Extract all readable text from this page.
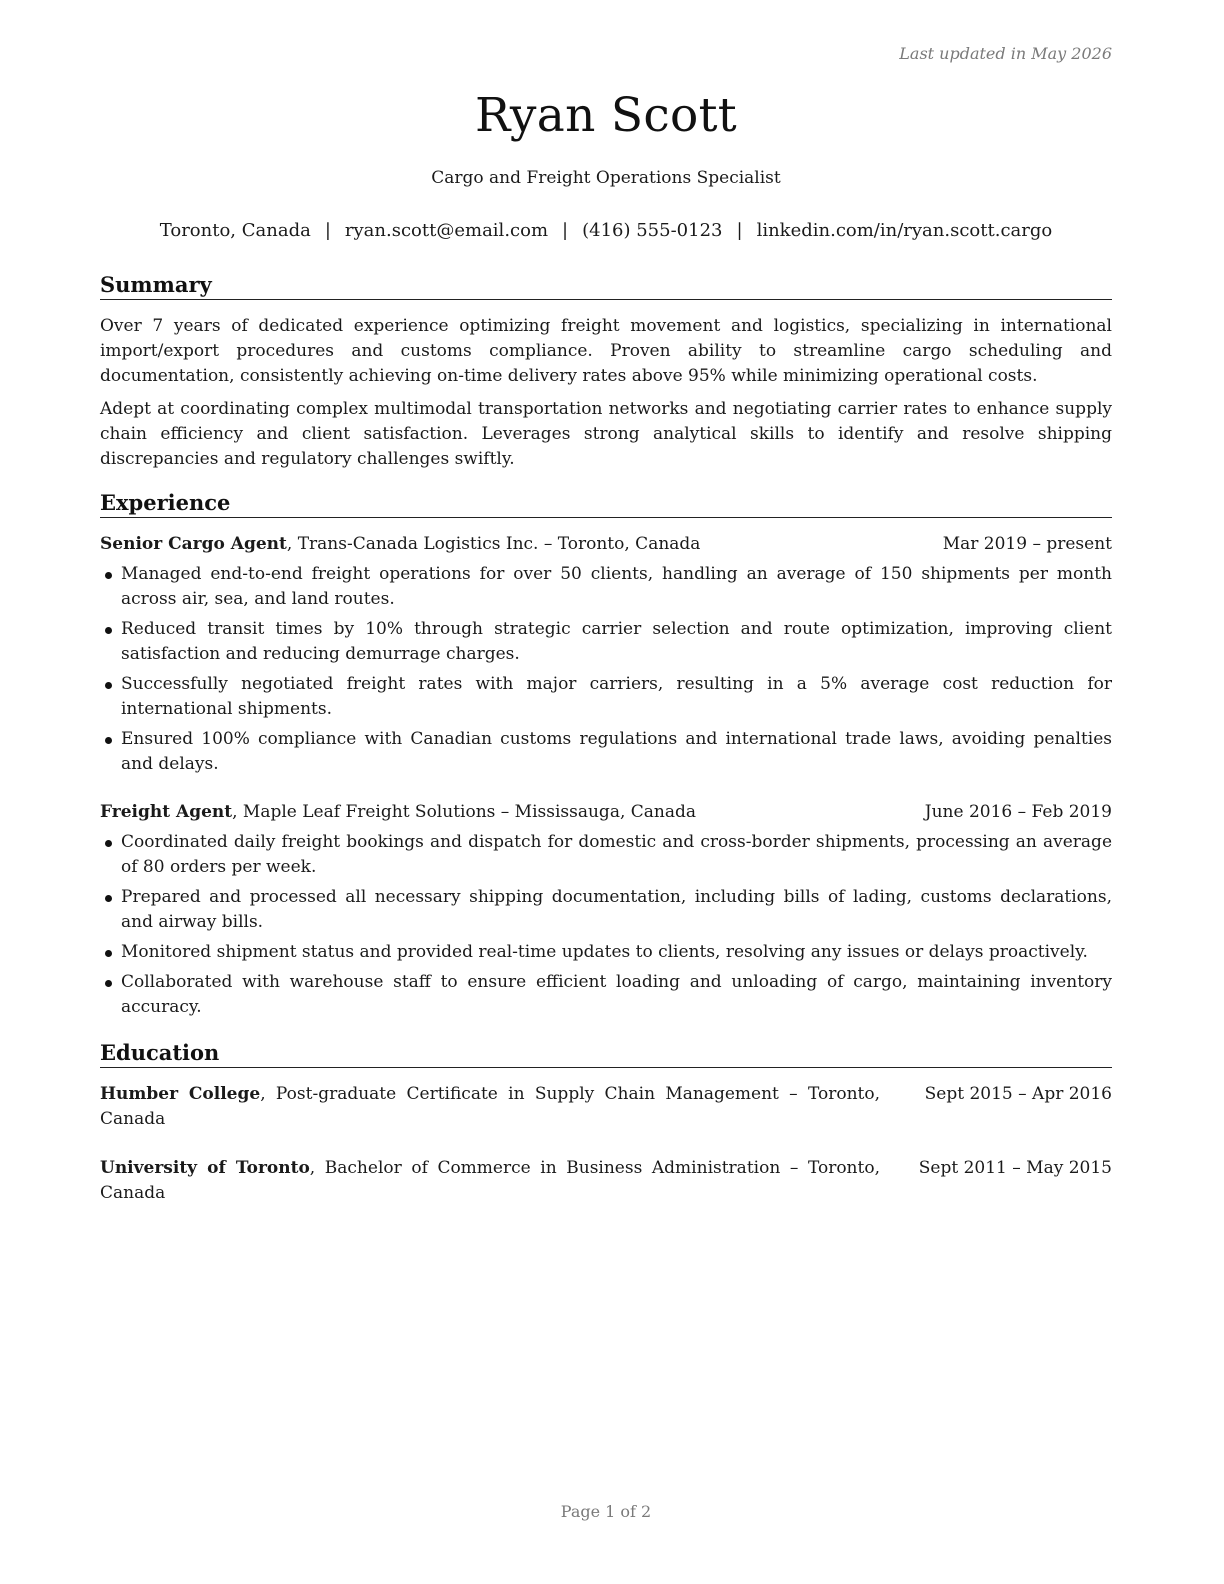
Last updated in May 2026
Ryan Scott
Cargo and Freight Operations Specialist
Toronto, Canada | ryan.scott@email.com | (416) 555-0123 | linkedin.com/in/ryan.scott.cargo
Summary

Over 7 years of dedicated experience optimizing freight movement and logistics, specializing in international import/export procedures and customs compliance. Proven ability to streamline cargo scheduling and documentation, consistently achieving on-time delivery rates above 95% while minimizing operational costs.

Adept at coordinating complex multimodal transportation networks and negotiating carrier rates to enhance supply chain efficiency and client satisfaction. Leverages strong analytical skills to identify and resolve shipping discrepancies and regulatory challenges swiftly.

Experience
Senior Cargo Agent, Trans-Canada Logistics Inc. – Toronto, Canada	Mar 2019 – present
Managed end-to-end freight operations for over 50 clients, handling an average of 150 shipments per month across air, sea, and land routes.
Reduced transit times by 10% through strategic carrier selection and route optimization, improving client satisfaction and reducing demurrage charges.
Successfully negotiated freight rates with major carriers, resulting in a 5% average cost reduction for international shipments.
Ensured 100% compliance with Canadian customs regulations and international trade laws, avoiding penalties and delays.
Freight Agent, Maple Leaf Freight Solutions – Mississauga, Canada	June 2016 – Feb 2019
Coordinated daily freight bookings and dispatch for domestic and cross-border shipments, processing an average of 80 orders per week.
Prepared and processed all necessary shipping documentation, including bills of lading, customs declarations, and airway bills.
Monitored shipment status and provided real-time updates to clients, resolving any issues or delays proactively.
Collaborated with warehouse staff to ensure efficient loading and unloading of cargo, maintaining inventory accuracy.
Education
Humber College, Post-graduate Certificate in Supply Chain Management – Toronto, Canada
Sept 2015 – Apr 2016
University of Toronto, Bachelor of Commerce in Business Administration – Toronto, Canada
Sept 2011 – May 2015
Page 1 of 2
